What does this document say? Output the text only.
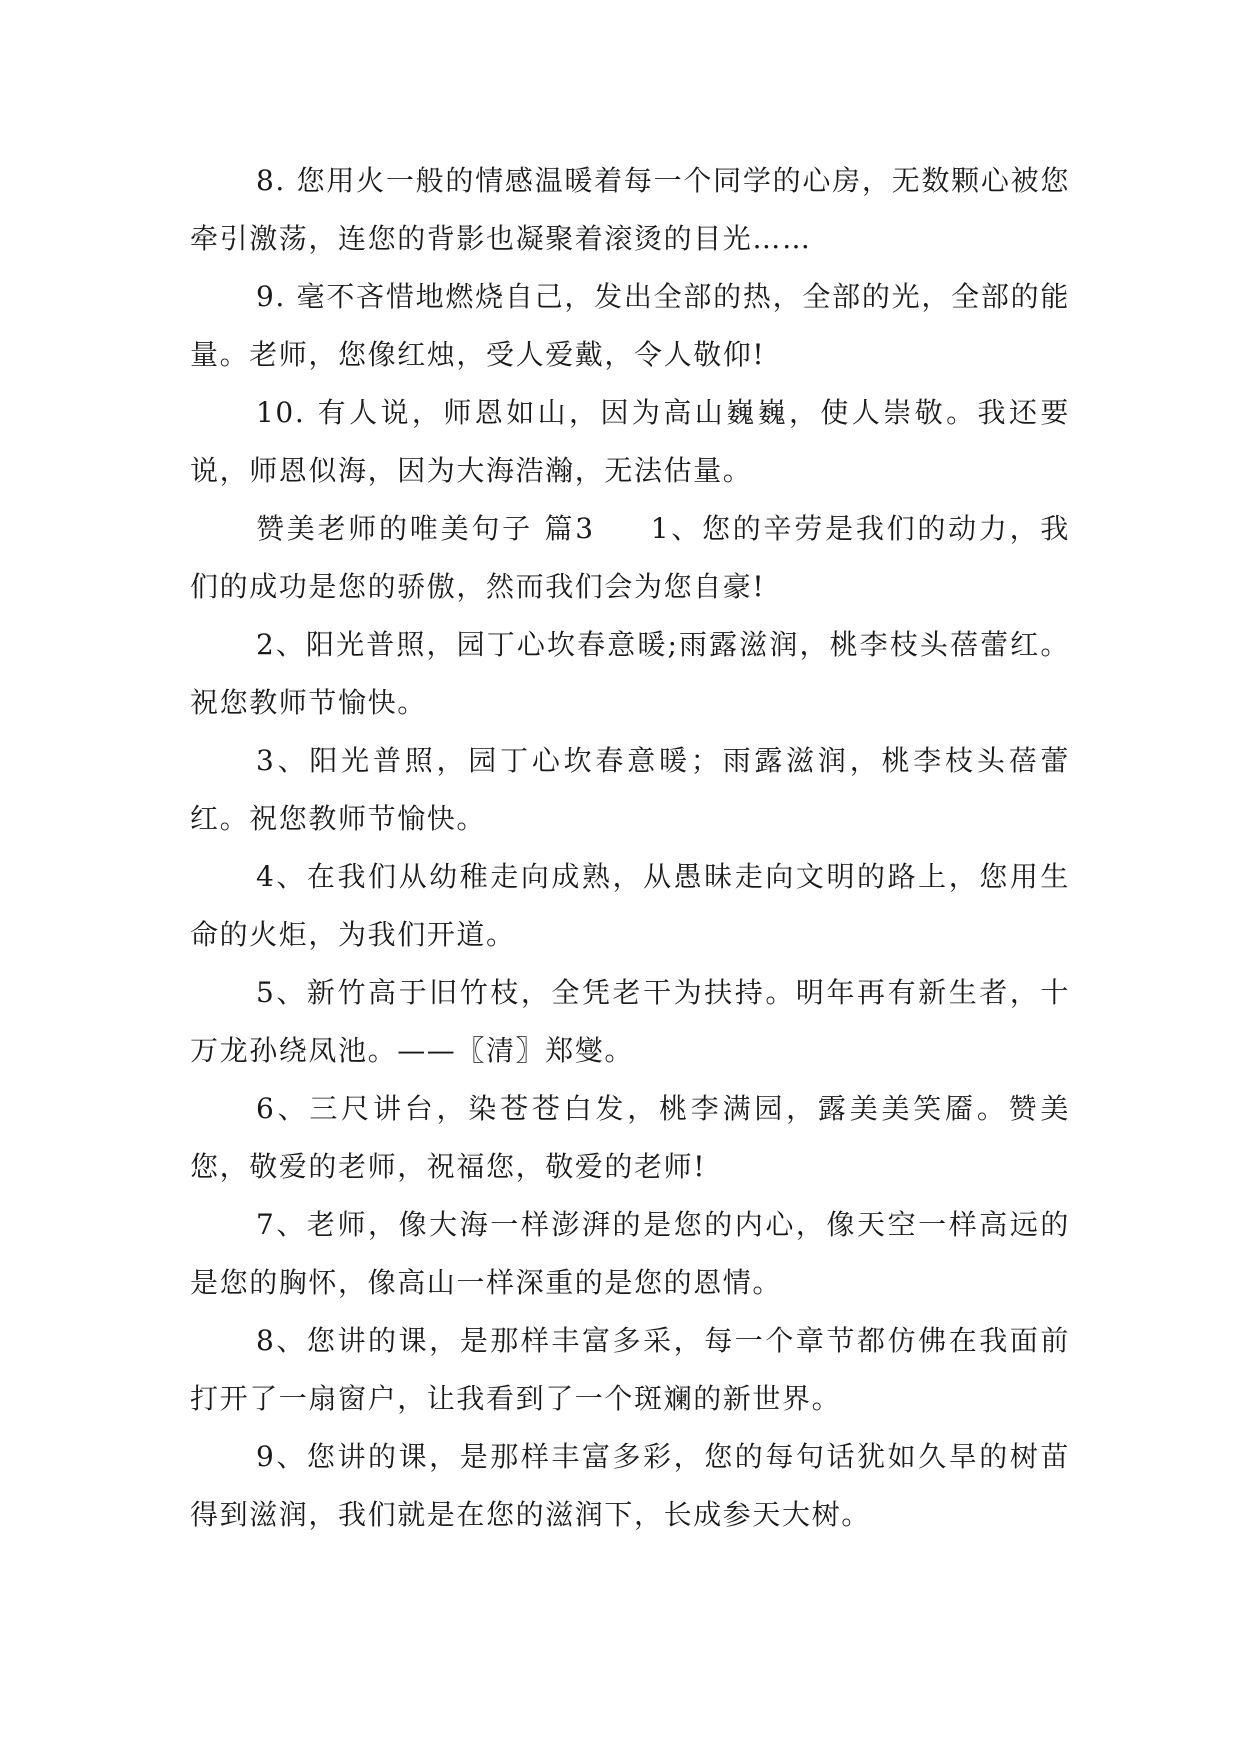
8. 您用火一般的情感温暖着每一个同学的心房，无数颗心被您牵引激荡，连您的背影也凝聚着滚烫的目光……

9. 毫不吝惜地燃烧自己，发出全部的热，全部的光，全部的能量。老师，您像红烛，受人爱戴，令人敬仰!

10. 有人说，师恩如山，因为高山巍巍，使人崇敬。我还要说，师恩似海，因为大海浩瀚，无法估量。

赞美老师的唯美句子 篇3 1、您的辛劳是我们的动力，我们的成功是您的骄傲，然而我们会为您自豪!

2、阳光普照，园丁心坎春意暖;雨露滋润，桃李枝头蓓蕾红。祝您教师节愉快。

3、阳光普照，园丁心坎春意暖；雨露滋润，桃李枝头蓓蕾红。祝您教师节愉快。

4、在我们从幼稚走向成熟，从愚昧走向文明的路上，您用生命的火炬，为我们开道。

5、新竹高于旧竹枝，全凭老干为扶持。明年再有新生者，十万龙孙绕凤池。——〖清〗郑燮。

6、三尺讲台，染苍苍白发，桃李满园，露美美笑靥。赞美您，敬爱的老师，祝福您，敬爱的老师!

7、老师，像大海一样澎湃的是您的内心，像天空一样高远的是您的胸怀，像高山一样深重的是您的恩情。

8、您讲的课，是那样丰富多采，每一个章节都仿佛在我面前打开了一扇窗户，让我看到了一个斑斓的新世界。

9、您讲的课，是那样丰富多彩，您的每句话犹如久旱的树苗得到滋润，我们就是在您的滋润下，长成参天大树。
